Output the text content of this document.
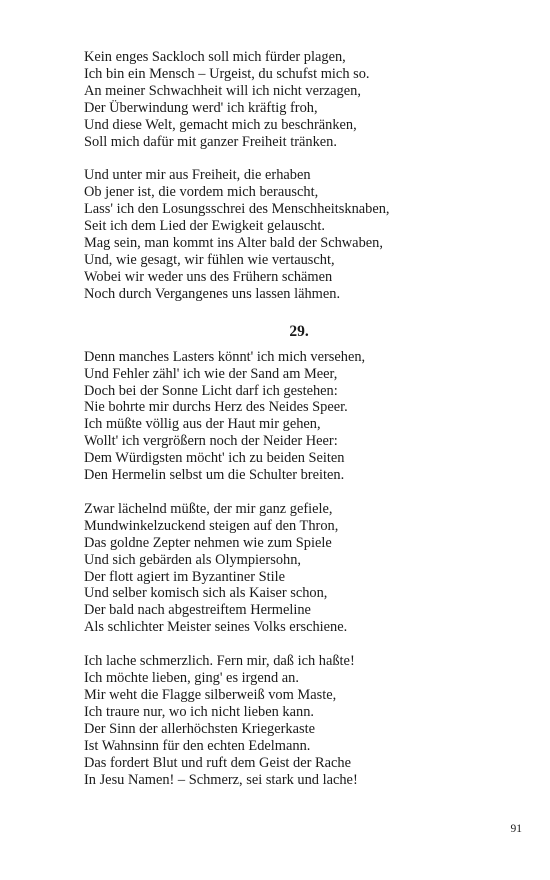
Kein enges Sackloch soll mich fürder plagen,
Ich bin ein Mensch – Urgeist, du schufst mich so.
An meiner Schwachheit will ich nicht verzagen,
Der Überwindung werd' ich kräftig froh,
Und diese Welt, gemacht mich zu beschränken,
Soll mich dafür mit ganzer Freiheit tränken.
Und unter mir aus Freiheit, die erhaben
Ob jener ist, die vordem mich berauscht,
Lass' ich den Losungsschrei des Menschheitsknaben,
Seit ich dem Lied der Ewigkeit gelauscht.
Mag sein, man kommt ins Alter bald der Schwaben,
Und, wie gesagt, wir fühlen wie vertauscht,
Wobei wir weder uns des Frühern schämen
Noch durch Vergangenes uns lassen lähmen.
29.
Denn manches Lasters könnt' ich mich versehen,
Und Fehler zähl' ich wie der Sand am Meer,
Doch bei der Sonne Licht darf ich gestehen:
Nie bohrte mir durchs Herz des Neides Speer.
Ich müßte völlig aus der Haut mir gehen,
Wollt' ich vergrößern noch der Neider Heer:
Dem Würdigsten möcht' ich zu beiden Seiten
Den Hermelin selbst um die Schulter breiten.
Zwar lächelnd müßte, der mir ganz gefiele,
Mundwinkelzuckend steigen auf den Thron,
Das goldne Zepter nehmen wie zum Spiele
Und sich gebärden als Olympiersohn,
Der flott agiert im Byzantiner Stile
Und selber komisch sich als Kaiser schon,
Der bald nach abgestreiftem Hermeline
Als schlichter Meister seines Volks erschiene.
Ich lache schmerzlich. Fern mir, daß ich haßte!
Ich möchte lieben, ging' es irgend an.
Mir weht die Flagge silberweiß vom Maste,
Ich traure nur, wo ich nicht lieben kann.
Der Sinn der allerhöchsten Kriegerkaste
Ist Wahnsinn für den echten Edelmann.
Das fordert Blut und ruft dem Geist der Rache
In Jesu Namen! – Schmerz, sei stark und lache!
91
